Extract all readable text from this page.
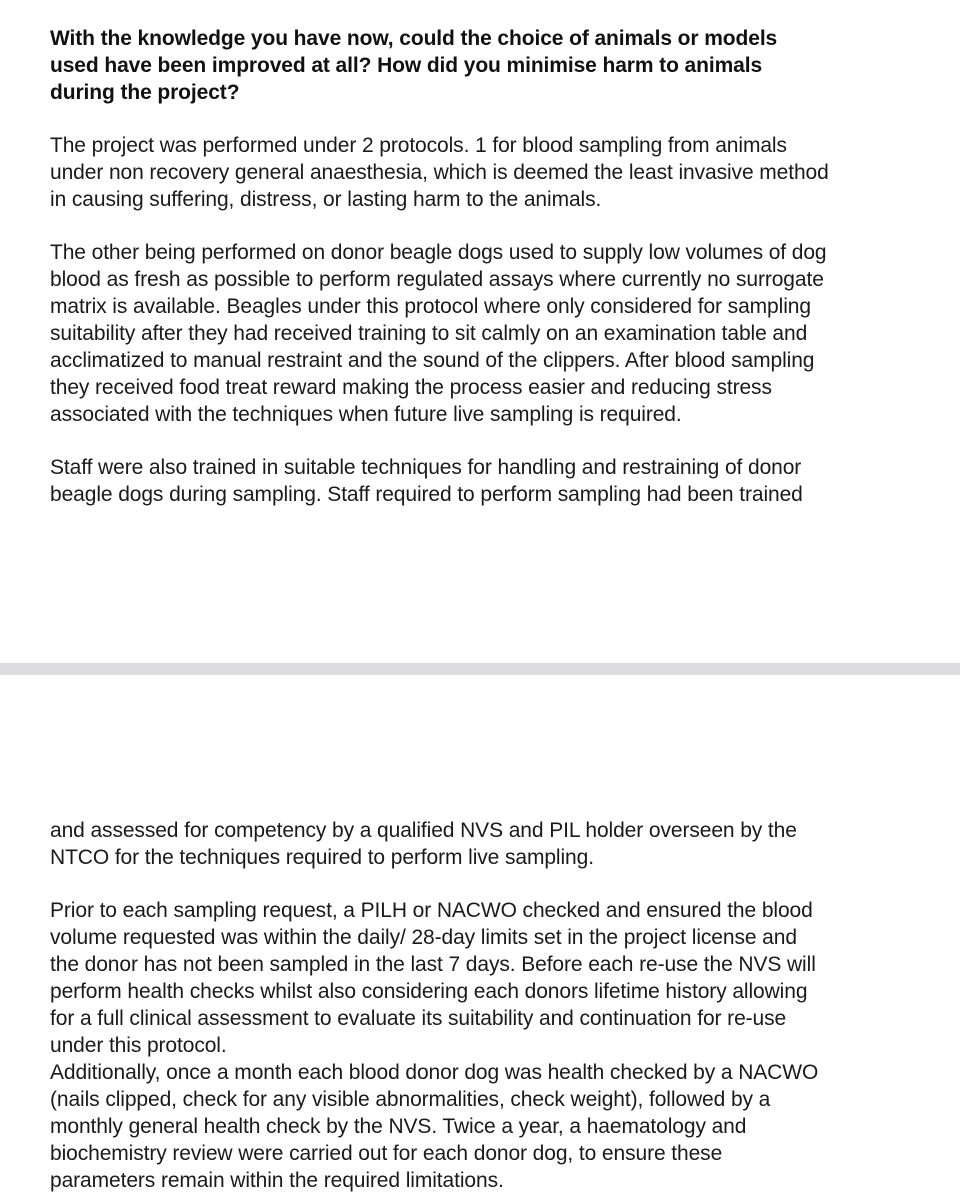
With the knowledge you have now, could the choice of animals or models
used have been improved at all? How did you minimise harm to animals
during the project?
The project was performed under 2 protocols. 1 for blood sampling from animals
under non recovery general anaesthesia, which is deemed the least invasive method
in causing suffering, distress, or lasting harm to the animals.
The other being performed on donor beagle dogs used to supply low volumes of dog
blood as fresh as possible to perform regulated assays where currently no surrogate
matrix is available. Beagles under this protocol where only considered for sampling
suitability after they had received training to sit calmly on an examination table and
acclimatized to manual restraint and the sound of the clippers. After blood sampling
they received food treat reward making the process easier and reducing stress
associated with the techniques when future live sampling is required.
Staff were also trained in suitable techniques for handling and restraining of donor
beagle dogs during sampling. Staff required to perform sampling had been trained
and assessed for competency by a qualified NVS and PIL holder overseen by the
NTCO for the techniques required to perform live sampling.
Prior to each sampling request, a PILH or NACWO checked and ensured the blood
volume requested was within the daily/ 28-day limits set in the project license and
the donor has not been sampled in the last 7 days. Before each re-use the NVS will
perform health checks whilst also considering each donors lifetime history allowing
for a full clinical assessment to evaluate its suitability and continuation for re-use
under this protocol.
Additionally, once a month each blood donor dog was health checked by a NACWO
(nails clipped, check for any visible abnormalities, check weight), followed by a
monthly general health check by the NVS. Twice a year, a haematology and
biochemistry review were carried out for each donor dog, to ensure these
parameters remain within the required limitations.
